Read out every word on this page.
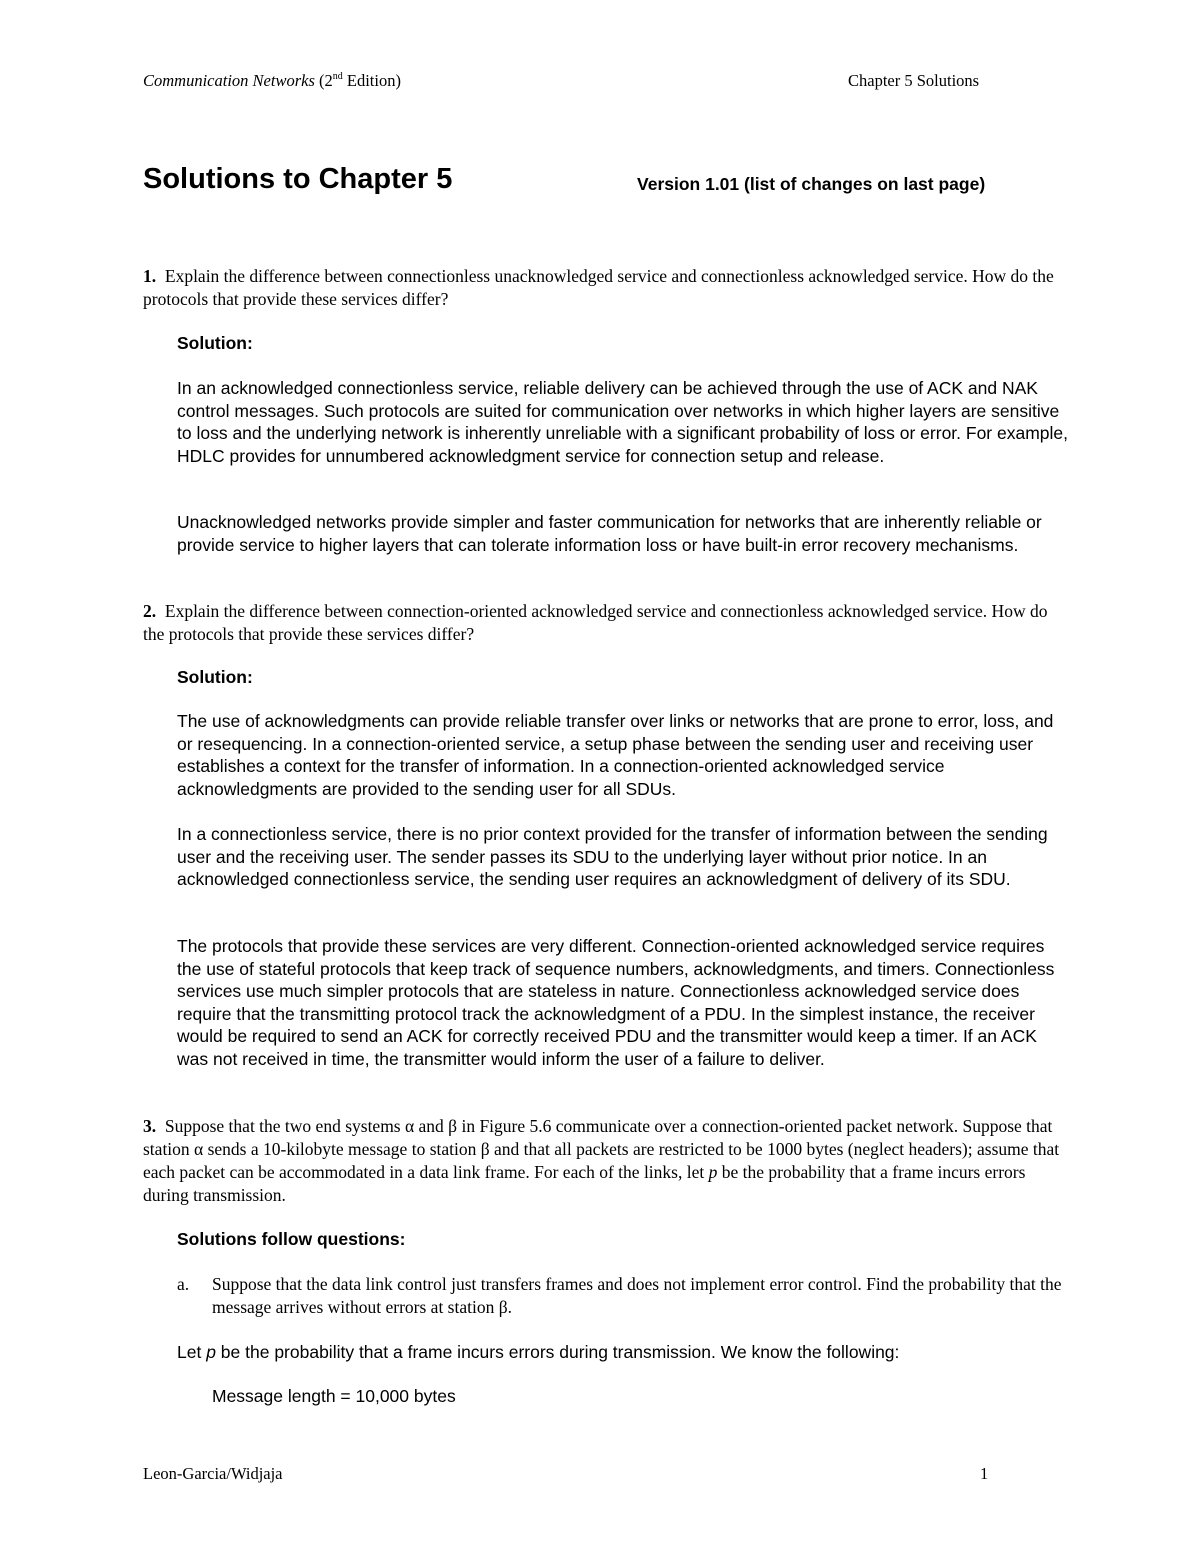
Communication Networks (2nd Edition)	Chapter 5 Solutions
Solutions to Chapter 5	Version 1.01 (list of changes on last page)
1. Explain the difference between connectionless unacknowledged service and connectionless acknowledged service. How do the protocols that provide these services differ?
Solution:

In an acknowledged connectionless service, reliable delivery can be achieved through the use of ACK and NAK control messages. Such protocols are suited for communication over networks in which higher layers are sensitive to loss and the underlying network is inherently unreliable with a significant probability of loss or error. For example, HDLC provides for unnumbered acknowledgment service for connection setup and release.

Unacknowledged networks provide simpler and faster communication for networks that are inherently reliable or provide service to higher layers that can tolerate information loss or have built-in error recovery mechanisms.

2. Explain the difference between connection-oriented acknowledged service and connectionless acknowledged service. How do the protocols that provide these services differ?
Solution:

The use of acknowledgments can provide reliable transfer over links or networks that are prone to error, loss, and or resequencing. In a connection-oriented service, a setup phase between the sending user and receiving user establishes a context for the transfer of information. In a connection-oriented acknowledged service acknowledgments are provided to the sending user for all SDUs.

In a connectionless service, there is no prior context provided for the transfer of information between the sending user and the receiving user. The sender passes its SDU to the underlying layer without prior notice. In an acknowledged connectionless service, the sending user requires an acknowledgment of delivery of its SDU.

The protocols that provide these services are very different. Connection-oriented acknowledged service requires the use of stateful protocols that keep track of sequence numbers, acknowledgments, and timers. Connectionless services use much simpler protocols that are stateless in nature. Connectionless acknowledged service does require that the transmitting protocol track the acknowledgment of a PDU. In the simplest instance, the receiver would be required to send an ACK for correctly received PDU and the transmitter would keep a timer. If an ACK was not received in time, the transmitter would inform the user of a failure to deliver.

3. Suppose that the two end systems α and β in Figure 5.6 communicate over a connection-oriented packet network. Suppose that station α sends a 10-kilobyte message to station β and that all packets are restricted to be 1000 bytes (neglect headers); assume that each packet can be accommodated in a data link frame. For each of the links, let p be the probability that a frame incurs errors during transmission.
Solutions follow questions:
a. Suppose that the data link control just transfers frames and does not implement error control. Find the probability that the message arrives without errors at station β.
Let p be the probability that a frame incurs errors during transmission. We know the following:
Message length = 10,000 bytes
Leon-Garcia/Widjaja	1
